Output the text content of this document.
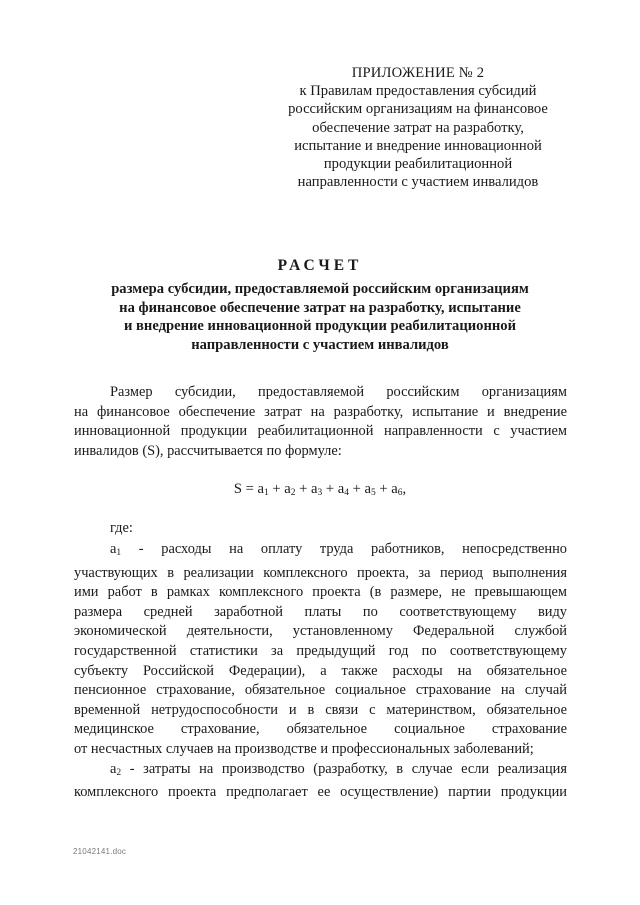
ПРИЛОЖЕНИЕ № 2
к Правилам предоставления субсидий
российским организациям на финансовое
обеспечение затрат на разработку,
испытание и внедрение инновационной
продукции реабилитационной
направленности с участием инвалидов
РАСЧЕТ
размера субсидии, предоставляемой российским организациям
на финансовое обеспечение затрат на разработку, испытание
и внедрение инновационной продукции реабилитационной
направленности с участием инвалидов
Размер субсидии, предоставляемой российским организациям
на финансовое обеспечение затрат на разработку, испытание и внедрение
инновационной продукции реабилитационной направленности с участием
инвалидов (S), рассчитывается по формуле:
$S = a_1 + a_2 + a_3 + a_4 + a_5 + a_6$,
где:
$a_1$ - расходы на оплату труда работников, непосредственно
участвующих в реализации комплексного проекта, за период выполнения
ими работ в рамках комплексного проекта (в размере, не превышающем
размера средней заработной платы по соответствующему виду
экономической деятельности, установленному Федеральной службой
государственной статистики за предыдущий год по соответствующему
субъекту Российской Федерации), а также расходы на обязательное
пенсионное страхование, обязательное социальное страхование на случай
временной нетрудоспособности и в связи с материнством, обязательное
медицинское страхование, обязательное социальное страхование
от несчастных случаев на производстве и профессиональных заболеваний;
$a_2$ - затраты на производство (разработку, в случае если реализация
комплексного проекта предполагает ее осуществление) партии продукции
21042141.doc
